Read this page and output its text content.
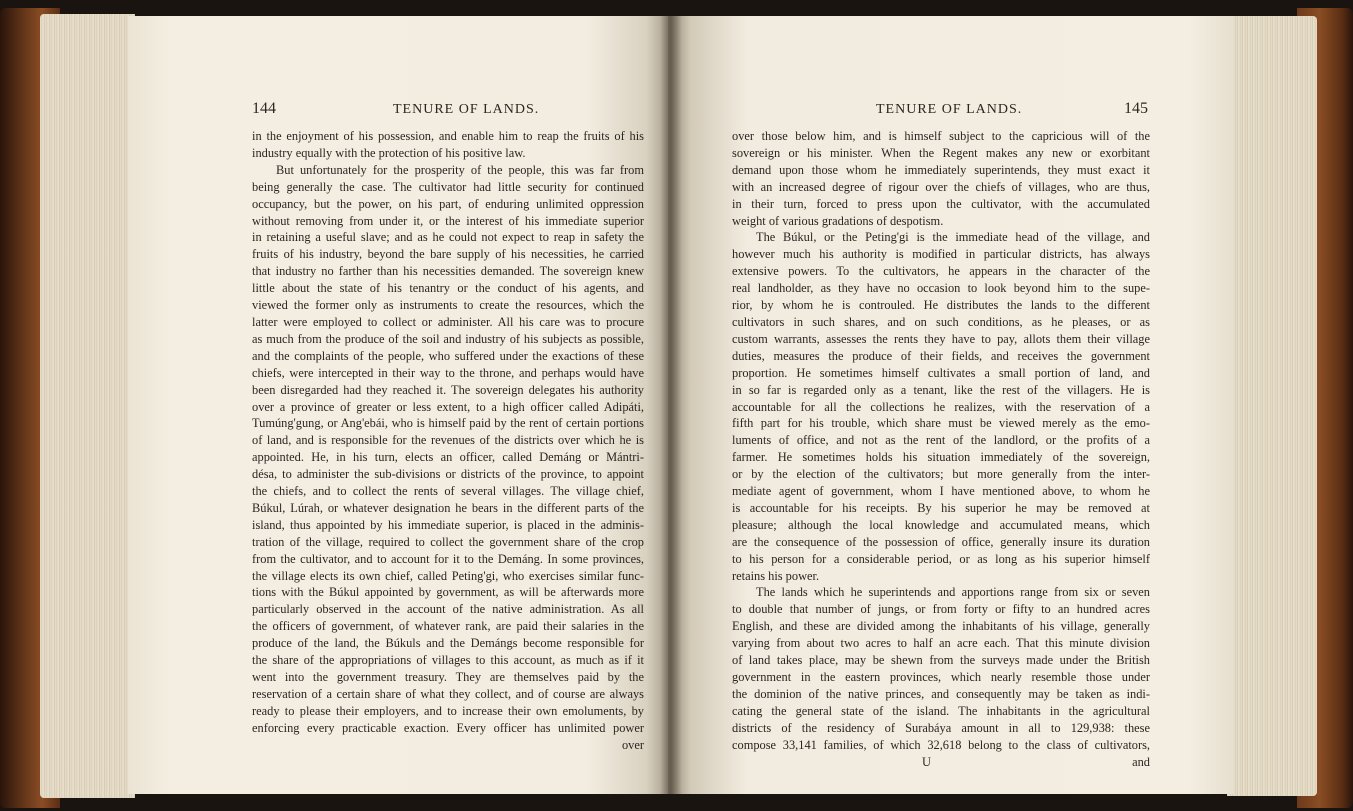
144	TENURE OF LANDS.
in the enjoyment of his possession, and enable him to reap the fruits of his
industry equally with the protection of his positive law.
But unfortunately for the prosperity of the people, this was far from
being generally the case. The cultivator had little security for continued
occupancy, but the power, on his part, of enduring unlimited oppression
without removing from under it, or the interest of his immediate superior
in retaining a useful slave; and as he could not expect to reap in safety the
fruits of his industry, beyond the bare supply of his necessities, he carried
that industry no farther than his necessities demanded. The sovereign knew
little about the state of his tenantry or the conduct of his agents, and
viewed the former only as instruments to create the resources, which the
latter were employed to collect or administer. All his care was to procure
as much from the produce of the soil and industry of his subjects as possible,
and the complaints of the people, who suffered under the exactions of these
chiefs, were intercepted in their way to the throne, and perhaps would have
been disregarded had they reached it. The sovereign delegates his authority
over a province of greater or less extent, to a high officer called Adipáti,
Tumúng'gung, or Ang'ebái, who is himself paid by the rent of certain portions
of land, and is responsible for the revenues of the districts over which he is
appointed. He, in his turn, elects an officer, called Demáng or Mántri-
désa, to administer the sub-divisions or districts of the province, to appoint
the chiefs, and to collect the rents of several villages. The village chief,
Búkul, Lúrah, or whatever designation he bears in the different parts of the
island, thus appointed by his immediate superior, is placed in the adminis-
tration of the village, required to collect the government share of the crop
from the cultivator, and to account for it to the Demáng. In some provinces,
the village elects its own chief, called Peting'gi, who exercises similar func-
tions with the Búkul appointed by government, as will be afterwards more
particularly observed in the account of the native administration. As all
the officers of government, of whatever rank, are paid their salaries in the
produce of the land, the Búkuls and the Demángs become responsible for
the share of the appropriations of villages to this account, as much as if it
went into the government treasury. They are themselves paid by the
reservation of a certain share of what they collect, and of course are always
ready to please their employers, and to increase their own emoluments, by
enforcing every practicable exaction. Every officer has unlimited power
over
TENURE OF LANDS.	145
over those below him, and is himself subject to the capricious will of the
sovereign or his minister. When the Regent makes any new or exorbitant
demand upon those whom he immediately superintends, they must exact it
with an increased degree of rigour over the chiefs of villages, who are thus,
in their turn, forced to press upon the cultivator, with the accumulated
weight of various gradations of despotism.
The Búkul, or the Peting'gi is the immediate head of the village, and
however much his authority is modified in particular districts, has always
extensive powers. To the cultivators, he appears in the character of the
real landholder, as they have no occasion to look beyond him to the supe-
rior, by whom he is controuled. He distributes the lands to the different
cultivators in such shares, and on such conditions, as he pleases, or as
custom warrants, assesses the rents they have to pay, allots them their village
duties, measures the produce of their fields, and receives the government
proportion. He sometimes himself cultivates a small portion of land, and
in so far is regarded only as a tenant, like the rest of the villagers. He is
accountable for all the collections he realizes, with the reservation of a
fifth part for his trouble, which share must be viewed merely as the emo-
luments of office, and not as the rent of the landlord, or the profits of a
farmer. He sometimes holds his situation immediately of the sovereign,
or by the election of the cultivators; but more generally from the inter-
mediate agent of government, whom I have mentioned above, to whom he
is accountable for his receipts. By his superior he may be removed at
pleasure; although the local knowledge and accumulated means, which
are the consequence of the possession of office, generally insure its duration
to his person for a considerable period, or as long as his superior himself
retains his power.
The lands which he superintends and apportions range from six or seven
to double that number of jungs, or from forty or fifty to an hundred acres
English, and these are divided among the inhabitants of his village, generally
varying from about two acres to half an acre each. That this minute division
of land takes place, may be shewn from the surveys made under the British
government in the eastern provinces, which nearly resemble those under
the dominion of the native princes, and consequently may be taken as indi-
cating the general state of the island. The inhabitants in the agricultural
districts of the residency of Surabáya amount in all to 129,938: these
compose 33,141 families, of which 32,618 belong to the class of cultivators,
U	and
